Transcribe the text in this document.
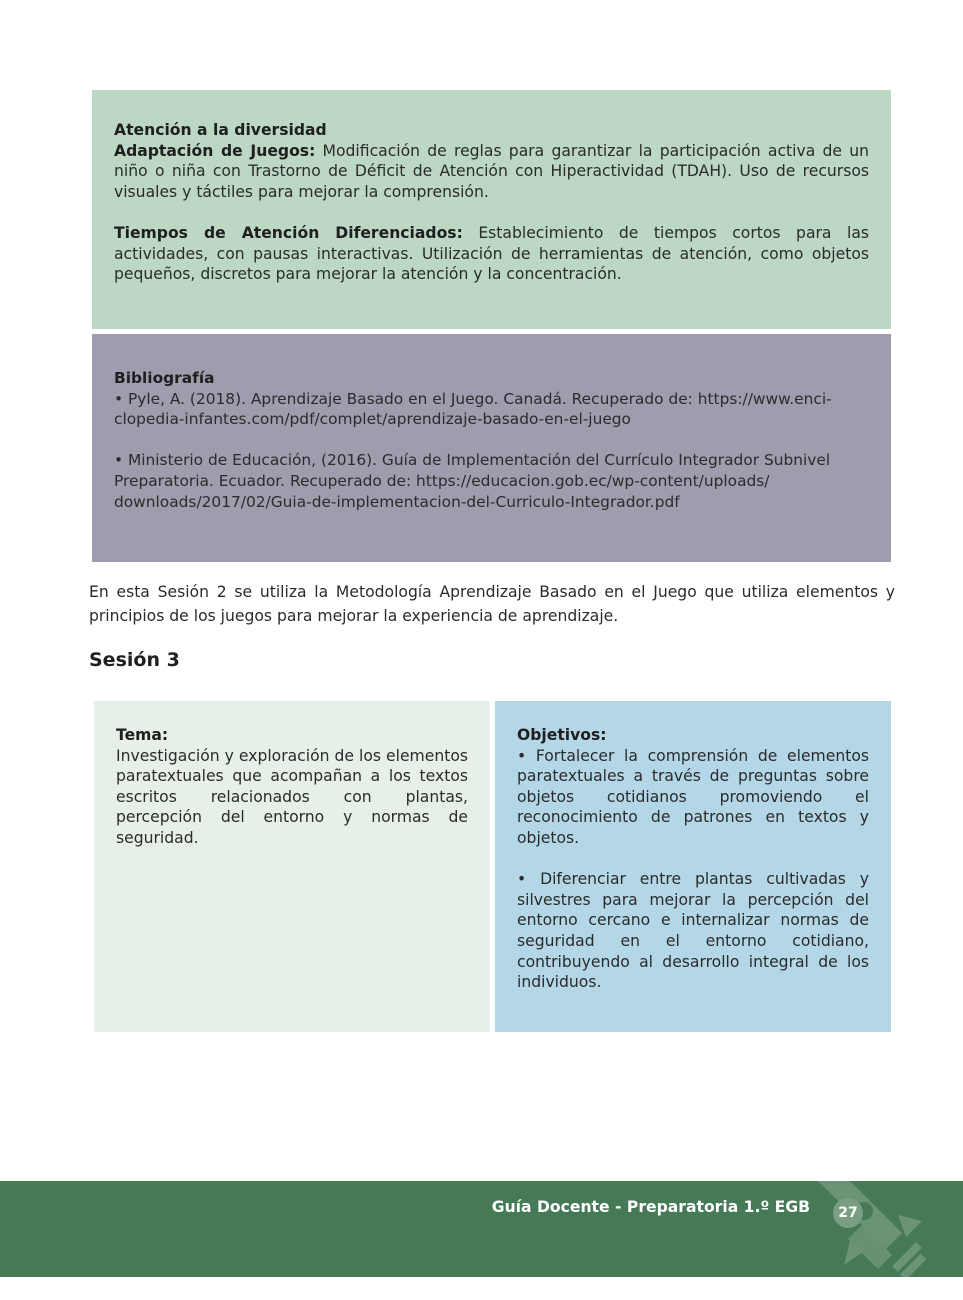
Atención a la diversidad

Adaptación de Juegos: Modificación de reglas para garantizar la participación activa de un niño o niña con Trastorno de Déficit de Atención con Hiperactividad (TDAH). Uso de recursos visuales y táctiles para mejorar la comprensión.

Tiempos de Atención Diferenciados: Establecimiento de tiempos cortos para las actividades, con pausas interactivas. Utilización de herramientas de atención, como objetos pequeños, discretos para mejorar la atención y la concentración.

Bibliografía

• Pyle, A. (2018). Aprendizaje Basado en el Juego. Canadá. Recuperado de: https://www.enci-clopedia-infantes.com/pdf/complet/aprendizaje-basado-en-el-juego

• Ministerio de Educación, (2016). Guía de Implementación del Currículo Integrador Subnivel Preparatoria. Ecuador. Recuperado de: https://educacion.gob.ec/wp-content/uploads/ downloads/2017/02/Guia-de-implementacion-del-Curriculo-Integrador.pdf

En esta Sesión 2 se utiliza la Metodología Aprendizaje Basado en el Juego que utiliza elementos y principios de los juegos para mejorar la experiencia de aprendizaje.

Sesión 3

Tema:

Investigación y exploración de los elementos paratextuales que acompañan a los textos escritos relacionados con plantas, percepción del entorno y normas de seguridad.

Objetivos:

• Fortalecer la comprensión de elementos paratextuales a través de preguntas sobre objetos cotidianos promoviendo el reconocimiento de patrones en textos y objetos.

• Diferenciar entre plantas cultivadas y silvestres para mejorar la percepción del entorno cercano e internalizar normas de seguridad en el entorno cotidiano, contribuyendo al desarrollo integral de los individuos.

Guía Docente - Preparatoria 1.º EGB	27
